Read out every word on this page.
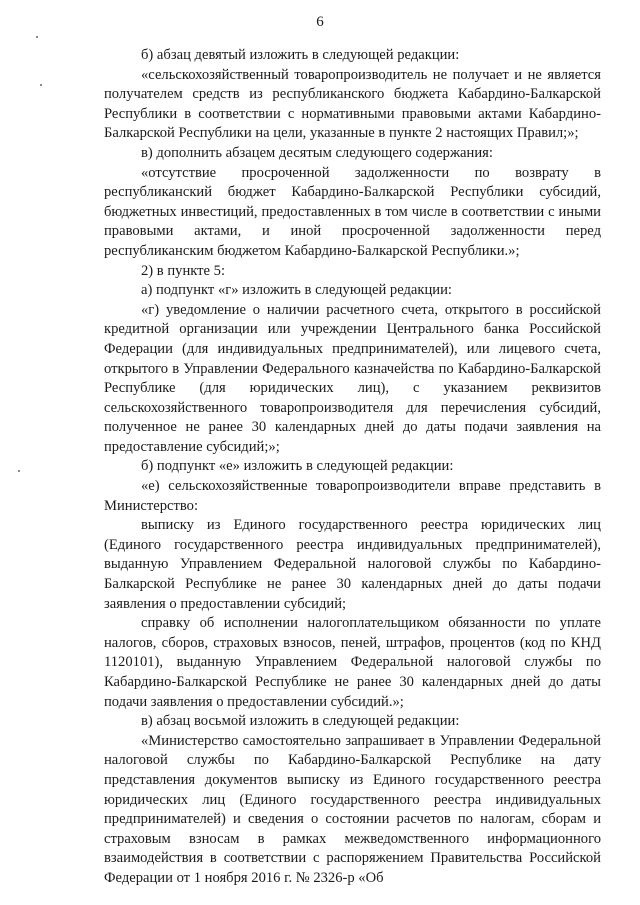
6

б) абзац девятый изложить в следующей редакции:

«сельскохозяйственный товаропроизводитель не получает и не является получателем средств из республиканского бюджета Кабардино-Балкарской Республики в соответствии с нормативными правовыми актами Кабардино-Балкарской Республики на цели, указанные в пункте 2 настоящих Правил;»;

в) дополнить абзацем десятым следующего содержания:

«отсутствие просроченной задолженности по возврату в республиканский бюджет Кабардино-Балкарской Республики субсидий, бюджетных инвестиций, предоставленных в том числе в соответствии с иными правовыми актами, и иной просроченной задолженности перед республиканским бюджетом Кабардино-Балкарской Республики.»;

2) в пункте 5:

а) подпункт «г» изложить в следующей редакции:

«г) уведомление о наличии расчетного счета, открытого в российской кредитной организации или учреждении Центрального банка Российской Федерации (для индивидуальных предпринимателей), или лицевого счета, открытого в Управлении Федерального казначейства по Кабардино-Балкарской Республике (для юридических лиц), с указанием реквизитов сельскохозяйственного товаропроизводителя для перечисления субсидий, полученное не ранее 30 календарных дней до даты подачи заявления на предоставление субсидий;»;

б) подпункт «е» изложить в следующей редакции:

«е) сельскохозяйственные товаропроизводители вправе представить в Министерство:

выписку из Единого государственного реестра юридических лиц (Единого государственного реестра индивидуальных предпринимателей), выданную Управлением Федеральной налоговой службы по Кабардино-Балкарской Республике не ранее 30 календарных дней до даты подачи заявления о предоставлении субсидий;

справку об исполнении налогоплательщиком обязанности по уплате налогов, сборов, страховых взносов, пеней, штрафов, процентов (код по КНД 1120101), выданную Управлением Федеральной налоговой службы по Кабардино-Балкарской Республике не ранее 30 календарных дней до даты подачи заявления о предоставлении субсидий.»;

в) абзац восьмой изложить в следующей редакции:

«Министерство самостоятельно запрашивает в Управлении Федеральной налоговой службы по Кабардино-Балкарской Республике на дату представления документов выписку из Единого государственного реестра юридических лиц (Единого государственного реестра индивидуальных предпринимателей) и сведения о состоянии расчетов по налогам, сборам и страховым взносам в рамках межведомственного информационного взаимодействия в соответствии с распоряжением Правительства Российской Федерации от 1 ноября 2016 г. № 2326-р «Об
